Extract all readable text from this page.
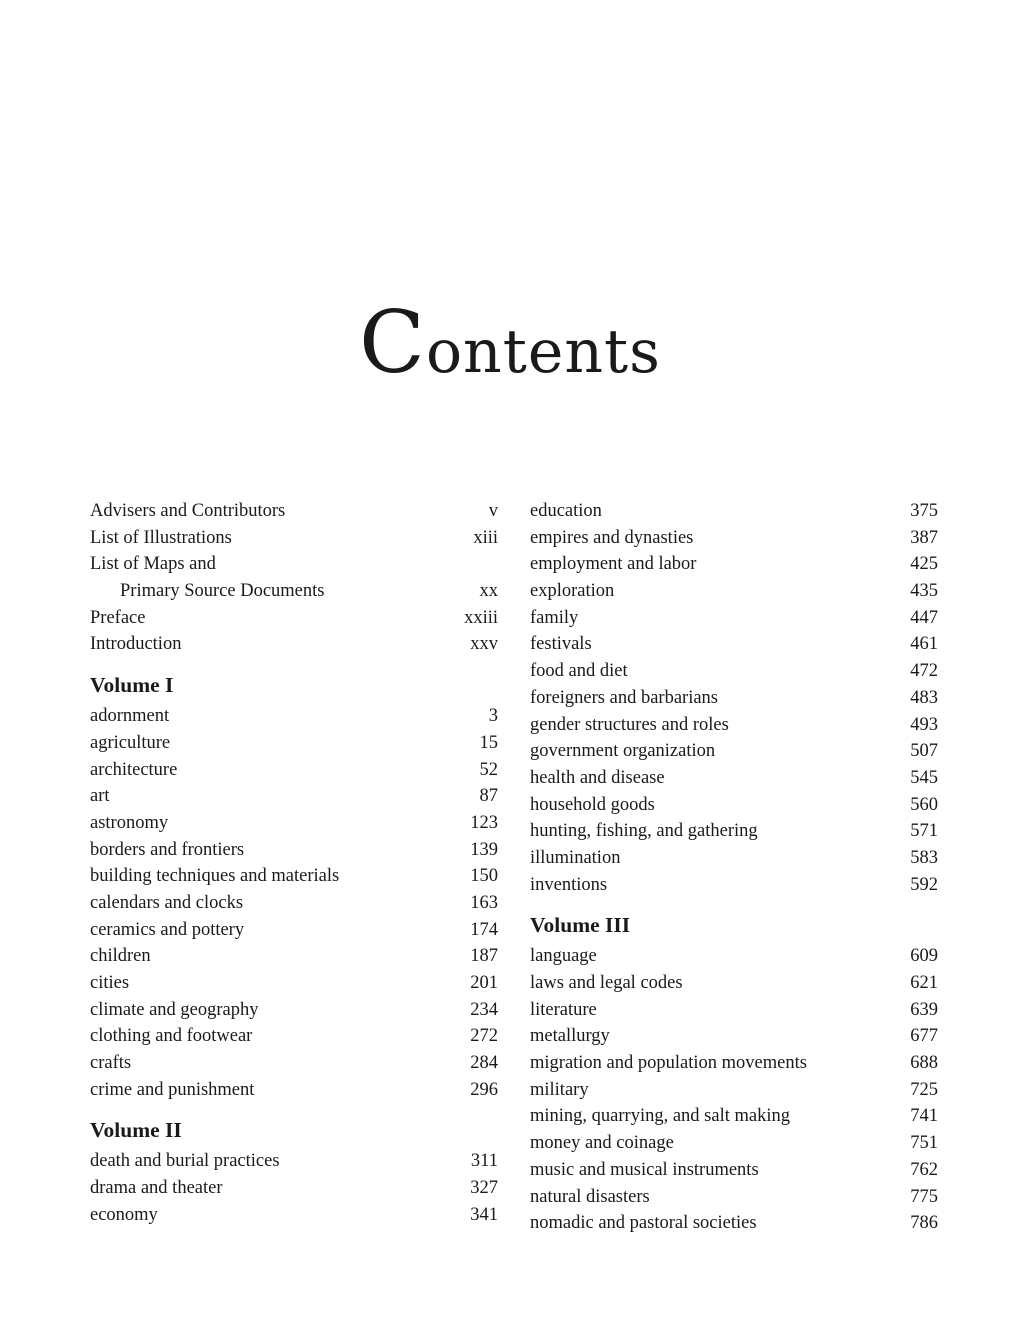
Contents
Advisers and Contributors	v
List of Illustrations	xiii
List of Maps and
Primary Source Documents	xx
Preface	xxiii
Introduction	xxv
Volume I
adornment	3
agriculture	15
architecture	52
art	87
astronomy	123
borders and frontiers	139
building techniques and materials	150
calendars and clocks	163
ceramics and pottery	174
children	187
cities	201
climate and geography	234
clothing and footwear	272
crafts	284
crime and punishment	296
Volume II
death and burial practices	311
drama and theater	327
economy	341
education	375
empires and dynasties	387
employment and labor	425
exploration	435
family	447
festivals	461
food and diet	472
foreigners and barbarians	483
gender structures and roles	493
government organization	507
health and disease	545
household goods	560
hunting, fishing, and gathering	571
illumination	583
inventions	592
Volume III
language	609
laws and legal codes	621
literature	639
metallurgy	677
migration and population movements	688
military	725
mining, quarrying, and salt making	741
money and coinage	751
music and musical instruments	762
natural disasters	775
nomadic and pastoral societies	786
